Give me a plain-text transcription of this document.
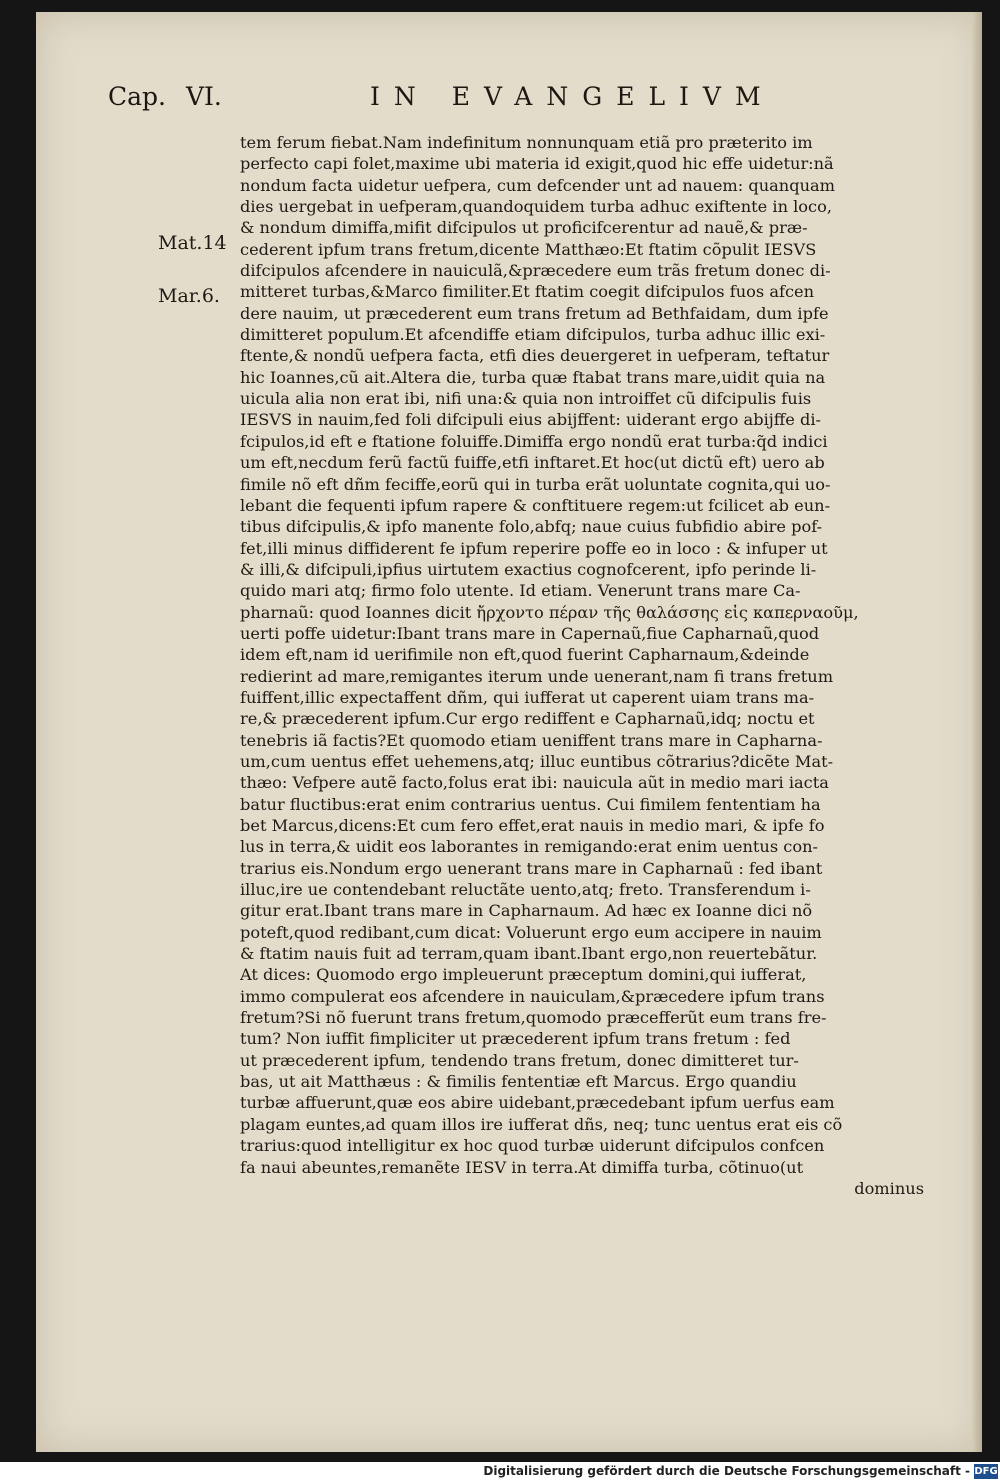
Cap. VI.	IN EVANGELIVM
Mat.14
Mar.6.
tem ferum fiebat.Nam indefinitum nonnunquam etiã pro præterito im
perfecto capi folet,maxime ubi materia id exigit,quod hic effe uidetur:nã
nondum facta uidetur uefpera, cum defcender unt ad nauem: quanquam
dies uergebat in uefperam,quandoquidem turba adhuc exiftente in loco,
& nondum dimiffa,mifit difcipulos ut proficifcerentur ad nauẽ,& præ-
cederent ipfum trans fretum,dicente Matthæo:Et ftatim cõpulit IESVS
difcipulos afcendere in nauiculã,&præcedere eum trãs fretum donec di-
mitteret turbas,&Marco fimiliter.Et ftatim coegit difcipulos fuos afcen
dere nauim, ut præcederent eum trans fretum ad Bethfaidam, dum ipfe
dimitteret populum.Et afcendiffe etiam difcipulos, turba adhuc illic exi-
ftente,& nondũ uefpera facta, etfi dies deuergeret in uefperam, teftatur
hic Ioannes,cũ ait.Altera die, turba quæ ftabat trans mare,uidit quia na
uicula alia non erat ibi, nifi una:& quia non introiffet cũ difcipulis fuis
IESVS in nauim,fed foli difcipuli eius abijffent: uiderant ergo abijffe di-
fcipulos,id eft e ftatione foluiffe.Dimiffa ergo nondũ erat turba:q̃d indici
um eft,necdum ferũ factũ fuiffe,etfi inftaret.Et hoc(ut dictũ eft) uero ab
fimile nõ eft dñm feciffe,eorũ qui in turba erãt uoluntate cognita,qui uo-
lebant die fequenti ipfum rapere & conftituere regem:ut fcilicet ab eun-
tibus difcipulis,& ipfo manente folo,abfq; naue cuius fubfidio abire pof-
fet,illi minus diffiderent fe ipfum reperire poffe eo in loco : & infuper ut
& illi,& difcipuli,ipfius uirtutem exactius cognofcerent, ipfo perinde li-
quido mari atq; firmo folo utente. Id etiam. Venerunt trans mare Ca-
pharnaũ: quod Ioannes dicit ἤρχοντο πέραν τῆς θαλάσσης εἰς καπερναοῦμ,
uerti poffe uidetur:Ibant trans mare in Capernaũ,fiue Capharnaũ,quod
idem eft,nam id uerifimile non eft,quod fuerint Capharnaum,&deinde
redierint ad mare,remigantes iterum unde uenerant,nam fi trans fretum
fuiffent,illic expectaffent dñm, qui iufferat ut caperent uiam trans ma-
re,& præcederent ipfum.Cur ergo rediffent e Capharnaũ,idq; noctu et
tenebris iã factis?Et quomodo etiam ueniffent trans mare in Capharna-
um,cum uentus effet uehemens,atq; illuc euntibus cõtrarius?dicẽte Mat-
thæo: Vefpere autẽ facto,folus erat ibi: nauicula aũt in medio mari iacta
batur fluctibus:erat enim contrarius uentus. Cui fimilem fententiam ha
bet Marcus,dicens:Et cum fero effet,erat nauis in medio mari, & ipfe fo
lus in terra,& uidit eos laborantes in remigando:erat enim uentus con-
trarius eis.Nondum ergo uenerant trans mare in Capharnaũ : fed ibant
illuc,ire ue contendebant reluctãte uento,atq; freto. Transferendum i-
gitur erat.Ibant trans mare in Capharnaum. Ad hæc ex Ioanne dici nõ
poteft,quod redibant,cum dicat: Voluerunt ergo eum accipere in nauim
& ftatim nauis fuit ad terram,quam ibant.Ibant ergo,non reuertebãtur.
At dices: Quomodo ergo impleuerunt præceptum domini,qui iufferat,
immo compulerat eos afcendere in nauiculam,&præcedere ipfum trans
fretum?Si nõ fuerunt trans fretum,quomodo præcefferũt eum trans fre-
tum? Non iuffit fimpliciter ut præcederent ipfum trans fretum : fed
ut præcederent ipfum, tendendo trans fretum, donec dimitteret tur-
bas, ut ait Matthæus : & fimilis fententiæ eft Marcus. Ergo quandiu
turbæ affuerunt,quæ eos abire uidebant,præcedebant ipfum uerfus eam
plagam euntes,ad quam illos ire iufferat dñs, neq; tunc uentus erat eis cõ
trarius:quod intelligitur ex hoc quod turbæ uiderunt difcipulos confcen
fa naui abeuntes,remanẽte IESV in terra.At dimiffa turba, cõtinuo(ut
dominus
Digitalisierung gefördert durch die Deutsche Forschungsgemeinschaft - DFG
